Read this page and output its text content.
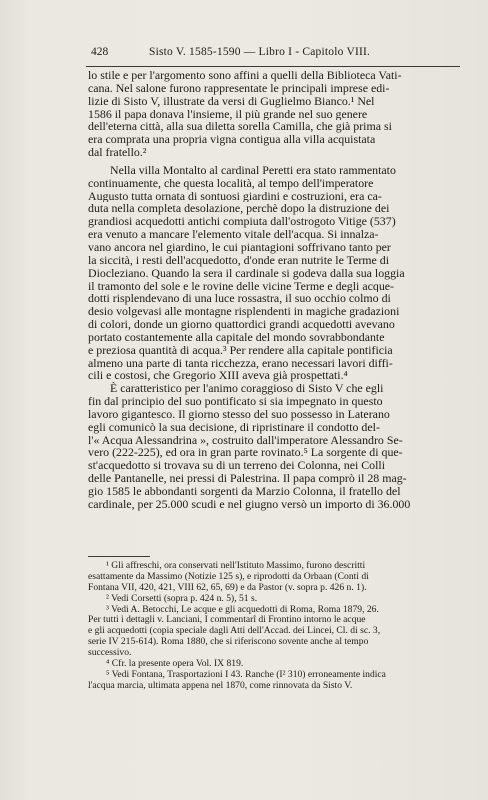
428	Sisto V. 1585-1590 — Libro I - Capitolo VIII.
lo stile e per l'argomento sono affini a quelli della Biblioteca Vati-
cana. Nel salone furono rappresentate le principali imprese edi-
lizie di Sisto V, illustrate da versi di Guglielmo Bianco.¹ Nel
1586 il papa donava l'insieme, il più grande nel suo genere
dell'eterna città, alla sua diletta sorella Camilla, che già prima si
era comprata una propria vigna contigua alla villa acquistata
dal fratello.²
Nella villa Montalto al cardinal Peretti era stato rammentato
continuamente, che questa località, al tempo dell'imperatore
Augusto tutta ornata di sontuosi giardini e costruzioni, era ca-
duta nella completa desolazione, perchè dopo la distruzione dei
grandiosi acquedotti antichi compiuta dall'ostrogoto Vitige (537)
era venuto a mancare l'elemento vitale dell'acqua. Si innalza-
vano ancora nel giardino, le cui piantagioni soffrivano tanto per
la siccità, i resti dell'acquedotto, d'onde eran nutrite le Terme di
Diocleziano. Quando la sera il cardinale si godeva dalla sua loggia
il tramonto del sole e le rovine delle vicine Terme e degli acque-
dotti risplendevano di una luce rossastra, il suo occhio colmo di
desio volgevasi alle montagne risplendenti in magiche gradazioni
di colori, donde un giorno quattordici grandi acquedotti avevano
portato costantemente alla capitale del mondo sovrabbondante
e preziosa quantità di acqua.³ Per rendere alla capitale pontificia
almeno una parte di tanta ricchezza, erano necessari lavori diffi-
cili e costosi, che Gregorio XIII aveva già prospettati.⁴
È caratteristico per l'animo coraggioso di Sisto V che egli
fin dal principio del suo pontificato si sia impegnato in questo
lavoro gigantesco. Il giorno stesso del suo possesso in Laterano
egli comunicò la sua decisione, di ripristinare il condotto del-
l'« Acqua Alessandrina », costruito dall'imperatore Alessandro Se-
vero (222-225), ed ora in gran parte rovinato.⁵ La sorgente di que-
st'acquedotto si trovava su di un terreno dei Colonna, nei Colli
delle Pantanelle, nei pressi di Palestrina. Il papa comprò il 28 mag-
gio 1585 le abbondanti sorgenti da Marzio Colonna, il fratello del
cardinale, per 25.000 scudi e nel giugno versò un importo di 36.000
¹ Gli affreschi, ora conservati nell'Istituto Massimo, furono descritti
esattamente da Massimo (Notizie 125 s), e riprodotti da Orbaan (Conti di
Fontana VII, 420, 421, VIII 62, 65, 69) e da Pastor (v. sopra p. 426 n. 1).
² Vedi Corsetti (sopra p. 424 n. 5), 51 s.
³ Vedi A. Betocchi, Le acque e gli acquedotti di Roma, Roma 1879, 26.
Per tutti i dettagli v. Lanciani, I commentarî di Frontino intorno le acque
e gli acquedotti (copia speciale dagli Atti dell'Accad. dei Lincei, Cl. di sc. 3,
serie IV 215-614). Roma 1880, che si riferiscono sovente anche al tempo
successivo.
⁴ Cfr. la presente opera Vol. IX 819.
⁵ Vedi Fontana, Trasportazioni I 43. Ranche (I² 310) erroneamente indica
l'acqua marcia, ultimata appena nel 1870, come rinnovata da Sisto V.
